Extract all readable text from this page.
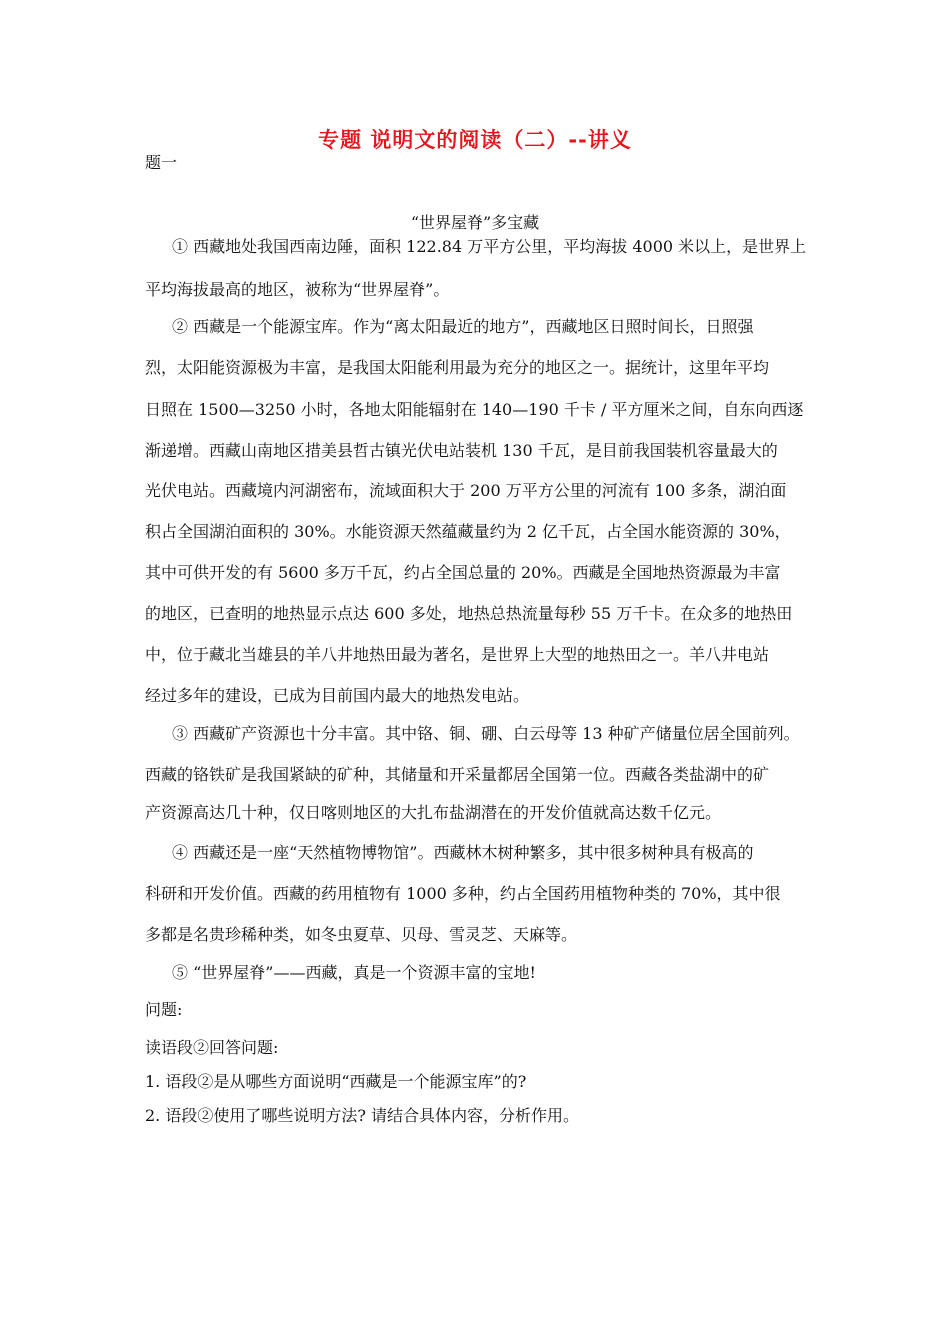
专题 说明文的阅读（二）--讲义
题一
“世界屋脊”多宝藏
① 西藏地处我国西南边陲，面积 122.84 万平方公里，平均海拔 4000 米以上，是世界上
平均海拔最高的地区，被称为“世界屋脊”。
② 西藏是一个能源宝库。作为“离太阳最近的地方”，西藏地区日照时间长，日照强
烈，太阳能资源极为丰富，是我国太阳能利用最为充分的地区之一。据统计，这里年平均
日照在 1500—3250 小时，各地太阳能辐射在 140—190 千卡 / 平方厘米之间，自东向西逐
渐递增。西藏山南地区措美县哲古镇光伏电站装机 130 千瓦，是目前我国装机容量最大的
光伏电站。西藏境内河湖密布，流域面积大于 200 万平方公里的河流有 100 多条，湖泊面
积占全国湖泊面积的 30%。水能资源天然蕴藏量约为 2 亿千瓦，占全国水能资源的 30%，
其中可供开发的有 5600 多万千瓦，约占全国总量的 20%。西藏是全国地热资源最为丰富
的地区，已查明的地热显示点达 600 多处，地热总热流量每秒 55 万千卡。在众多的地热田
中，位于藏北当雄县的羊八井地热田最为著名，是世界上大型的地热田之一。羊八井电站
经过多年的建设，已成为目前国内最大的地热发电站。
③ 西藏矿产资源也十分丰富。其中铬、铜、硼、白云母等 13 种矿产储量位居全国前列。
西藏的铬铁矿是我国紧缺的矿种，其储量和开采量都居全国第一位。西藏各类盐湖中的矿
产资源高达几十种，仅日喀则地区的大扎布盐湖潜在的开发价值就高达数千亿元。
④ 西藏还是一座“天然植物博物馆”。西藏林木树种繁多，其中很多树种具有极高的
科研和开发价值。西藏的药用植物有 1000 多种，约占全国药用植物种类的 70%，其中很
多都是名贵珍稀种类，如冬虫夏草、贝母、雪灵芝、天麻等。
⑤ “世界屋脊”——西藏，真是一个资源丰富的宝地!
问题:
读语段②回答问题:
1. 语段②是从哪些方面说明“西藏是一个能源宝库”的?
2. 语段②使用了哪些说明方法? 请结合具体内容，分析作用。
